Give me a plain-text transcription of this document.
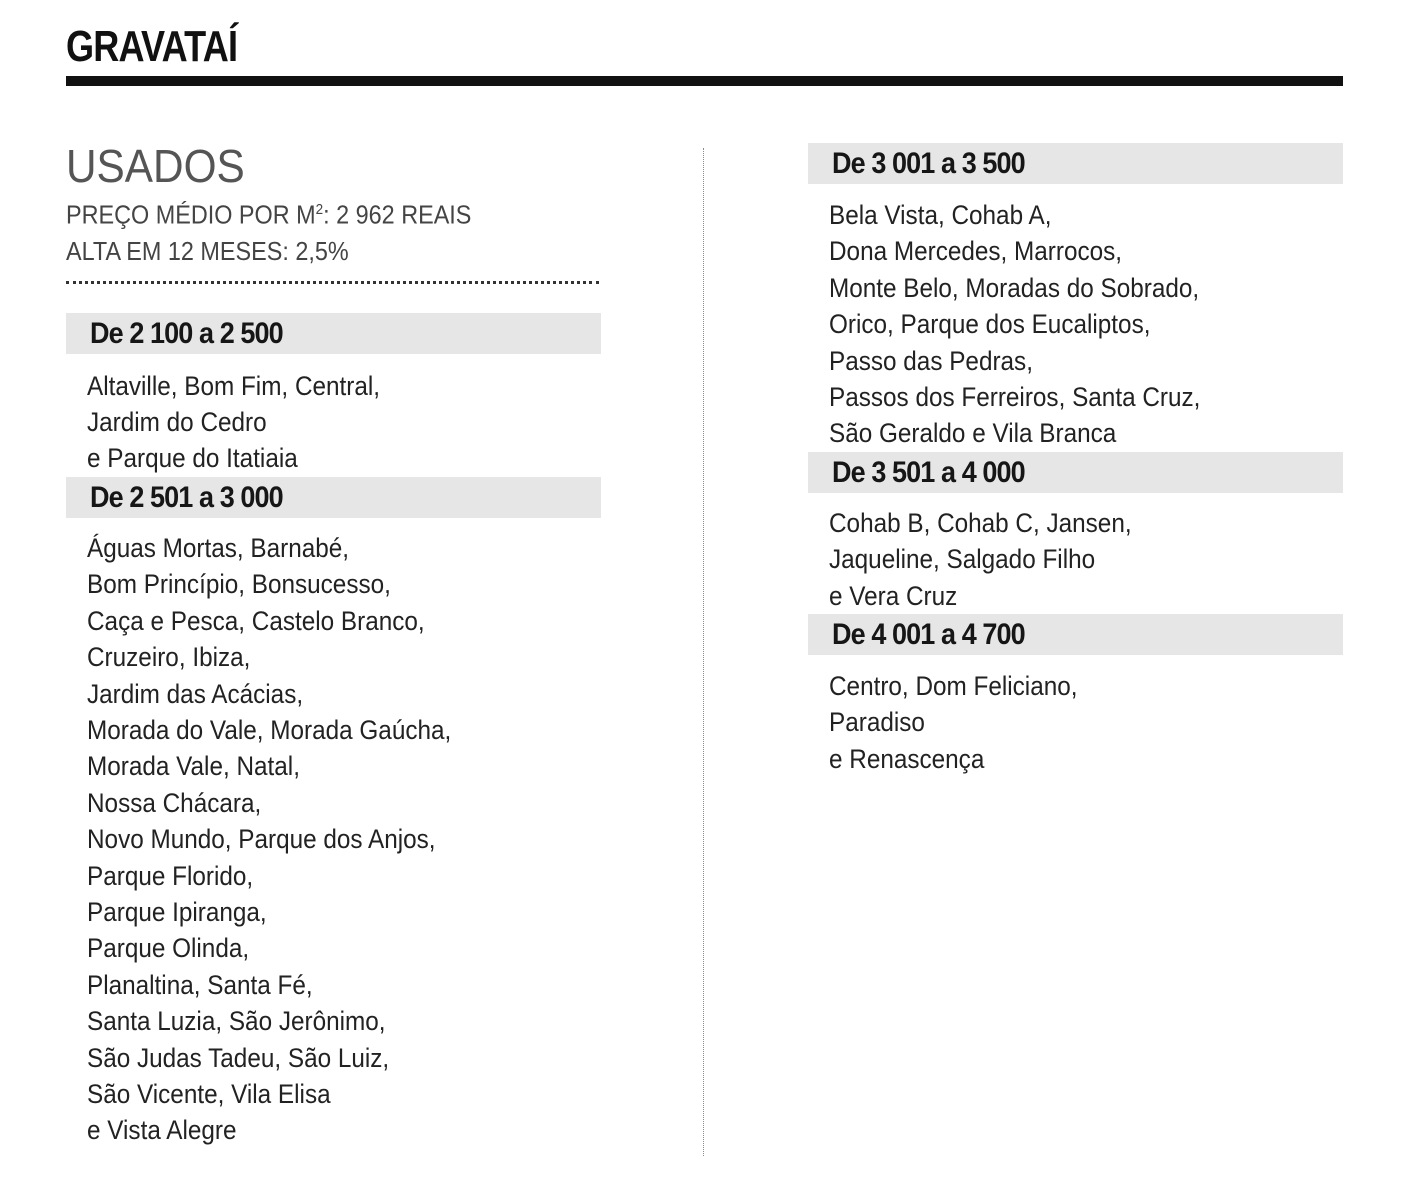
GRAVATAÍ
USADOS
PREÇO MÉDIO POR $M^2$: 2 962 REAIS
ALTA EM 12 MESES: 2,5%
De 2 100 a 2 500
Altaville, Bom Fim, Central,
Jardim do Cedro
e Parque do Itatiaia
De 2 501 a 3 000
Águas Mortas, Barnabé,
Bom Princípio, Bonsucesso,
Caça e Pesca, Castelo Branco,
Cruzeiro, Ibiza,
Jardim das Acácias,
Morada do Vale, Morada Gaúcha,
Morada Vale, Natal,
Nossa Chácara,
Novo Mundo, Parque dos Anjos,
Parque Florido,
Parque Ipiranga,
Parque Olinda,
Planaltina, Santa Fé,
Santa Luzia, São Jerônimo,
São Judas Tadeu, São Luiz,
São Vicente, Vila Elisa
e Vista Alegre
De 3 001 a 3 500
Bela Vista, Cohab A,
Dona Mercedes, Marrocos,
Monte Belo, Moradas do Sobrado,
Orico, Parque dos Eucaliptos,
Passo das Pedras,
Passos dos Ferreiros, Santa Cruz,
São Geraldo e Vila Branca
De 3 501 a 4 000
Cohab B, Cohab C, Jansen,
Jaqueline, Salgado Filho
e Vera Cruz
De 4 001 a 4 700
Centro, Dom Feliciano,
Paradiso
e Renascença
